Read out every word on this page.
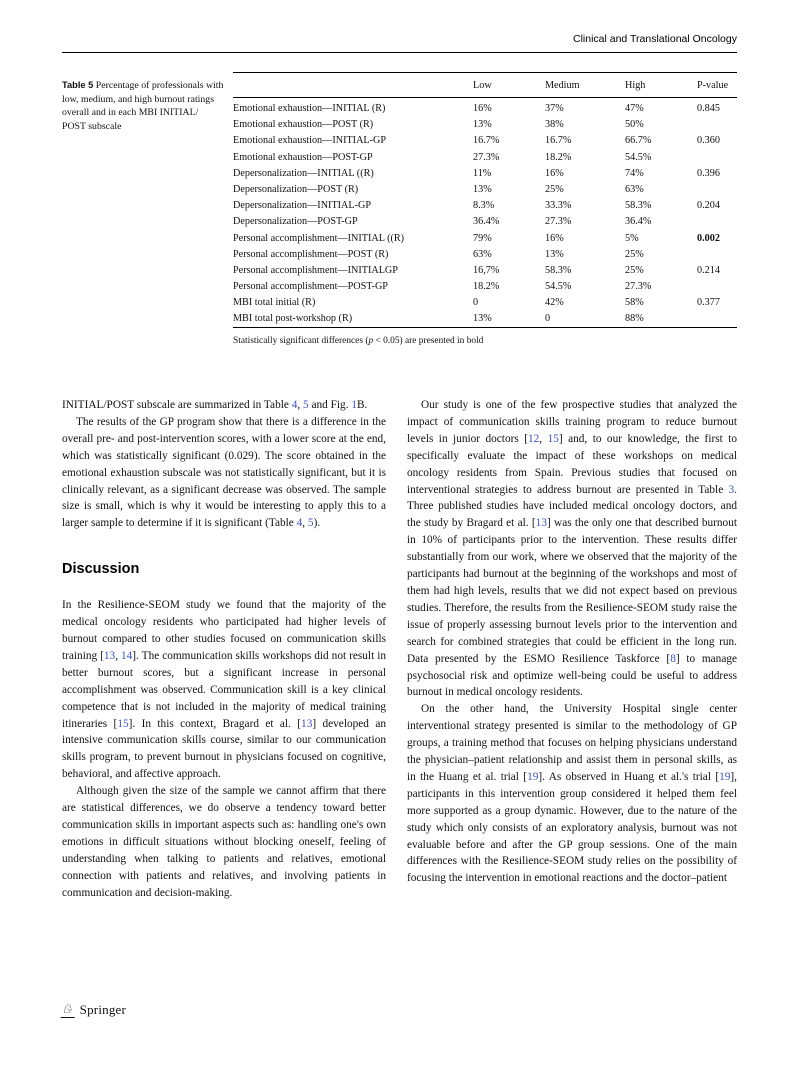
Clinical and Translational Oncology
Table 5 Percentage of professionals with low, medium, and high burnout ratings overall and in each MBI INITIAL/ POST subscale
	Low	Medium	High	P-value
Emotional exhaustion—INITIAL (R)	16%	37%	47%	0.845
Emotional exhaustion—POST (R)	13%	38%	50%	
Emotional exhaustion—INITIAL-GP	16.7%	16.7%	66.7%	0.360
Emotional exhaustion—POST-GP	27.3%	18.2%	54.5%	
Depersonalization—INITIAL ((R)	11%	16%	74%	0.396
Depersonalization—POST (R)	13%	25%	63%	
Depersonalization—INITIAL-GP	8.3%	33.3%	58.3%	0.204
Depersonalization—POST-GP	36.4%	27.3%	36.4%	
Personal accomplishment—INITIAL ((R)	79%	16%	5%	0.002
Personal accomplishment—POST (R)	63%	13%	25%	
Personal accomplishment—INITIALGP	16,7%	58.3%	25%	0.214
Personal accomplishment—POST-GP	18.2%	54.5%	27.3%	
MBI total initial (R)	0	42%	58%	0.377
MBI total post-workshop (R)	13%	0	88%	
Statistically significant differences (p < 0.05) are presented in bold

INITIAL/POST subscale are summarized in Table 4, 5 and Fig. 1B.

The results of the GP program show that there is a difference in the overall pre- and post-intervention scores, with a lower score at the end, which was statistically significant (0.029). The score obtained in the emotional exhaustion subscale was not statistically significant, but it is clinically relevant, as a significant decrease was observed. The sample size is small, which is why it would be interesting to apply this to a larger sample to determine if it is significant (Table 4, 5).

Discussion

In the Resilience-SEOM study we found that the majority of the medical oncology residents who participated had higher levels of burnout compared to other studies focused on communication skills training [13, 14]. The communication skills workshops did not result in better burnout scores, but a significant increase in personal accomplishment was observed. Communication skill is a key clinical competence that is not included in the majority of medical training itineraries [15]. In this context, Bragard et al. [13] developed an intensive communication skills course, similar to our communication skills program, to prevent burnout in physicians focused on cognitive, behavioral, and affective approach.

Although given the size of the sample we cannot affirm that there are statistical differences, we do observe a tendency toward better communication skills in important aspects such as: handling one's own emotions in difficult situations without blocking oneself, feeling of understanding when talking to patients and relatives, emotional connection with patients and relatives, and involving patients in communication and decision-making.

Our study is one of the few prospective studies that analyzed the impact of communication skills training program to reduce burnout levels in junior doctors [12, 15] and, to our knowledge, the first to specifically evaluate the impact of these workshops on medical oncology residents from Spain. Previous studies that focused on interventional strategies to address burnout are presented in Table 3. Three published studies have included medical oncology doctors, and the study by Bragard et al. [13] was the only one that described burnout in 10% of participants prior to the intervention. These results differ substantially from our work, where we observed that the majority of the participants had burnout at the beginning of the workshops and most of them had high levels, results that we did not expect based on previous studies. Therefore, the results from the Resilience-SEOM study raise the issue of properly assessing burnout levels prior to the intervention and search for combined strategies that could be efficient in the long run. Data presented by the ESMO Resilience Taskforce [8] to manage psychosocial risk and optimize well-being could be useful to address burnout in medical oncology residents.

On the other hand, the University Hospital single center interventional strategy presented is similar to the methodology of GP groups, a training method that focuses on helping physicians understand the physician–patient relationship and assist them in personal skills, as in the Huang et al. trial [19]. As observed in Huang et al.'s trial [19], participants in this intervention group considered it helped them feel more supported as a group dynamic. However, due to the nature of the study which only consists of an exploratory analysis, burnout was not evaluable before and after the GP group sessions. One of the main differences with the Resilience-SEOM study relies on the possibility of focusing the intervention in emotional reactions and the doctor–patient

♘ Springer
